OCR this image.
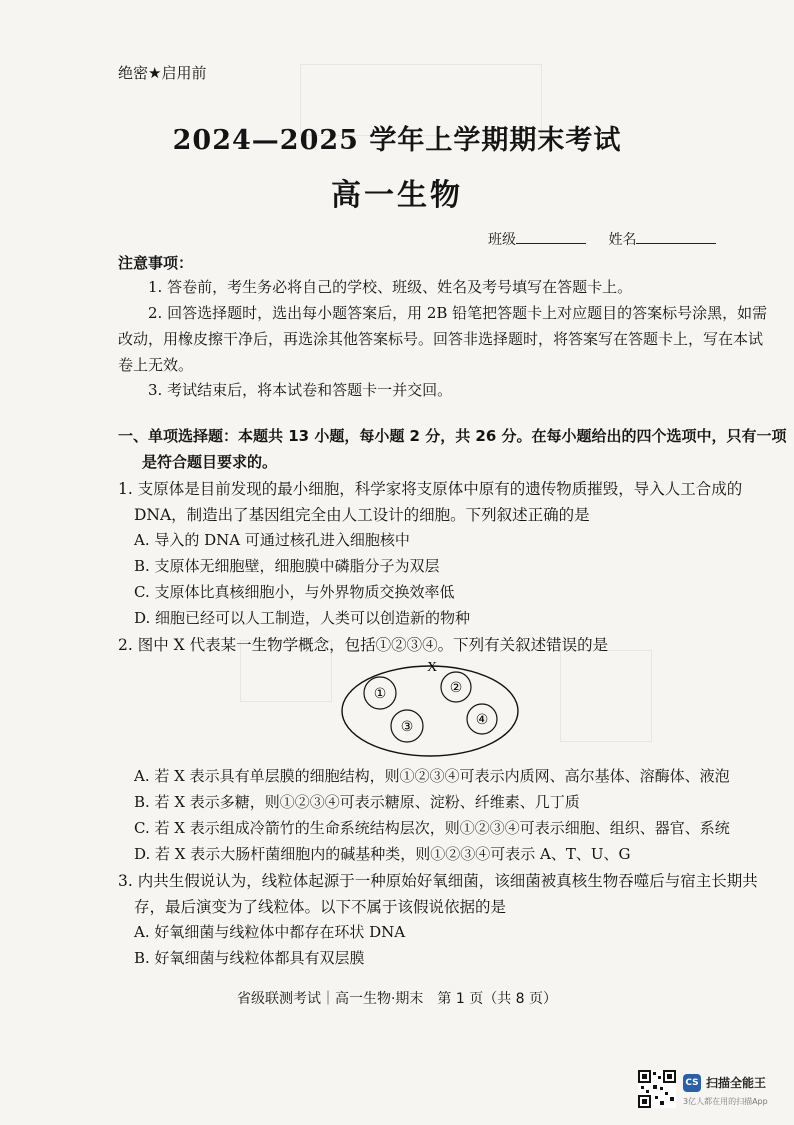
绝密★启用前
2024—2025 学年上学期期末考试
高一生物
班级	姓名
注意事项：
1. 答卷前，考生务必将自己的学校、班级、姓名及考号填写在答题卡上。
2. 回答选择题时，选出每小题答案后，用 2B 铅笔把答题卡上对应题目的答案标号涂黑，如需
改动，用橡皮擦干净后，再选涂其他答案标号。回答非选择题时，将答案写在答题卡上，写在本试
卷上无效。
3. 考试结束后，将本试卷和答题卡一并交回。
一、单项选择题：本题共 13 小题，每小题 2 分，共 26 分。在每小题给出的四个选项中，只有一项
是符合题目要求的。
1. 支原体是目前发现的最小细胞，科学家将支原体中原有的遗传物质摧毁，导入人工合成的
DNA，制造出了基因组完全由人工设计的细胞。下列叙述正确的是
A. 导入的 DNA 可通过核孔进入细胞核中
B. 支原体无细胞壁，细胞膜中磷脂分子为双层
C. 支原体比真核细胞小，与外界物质交换效率低
D. 细胞已经可以人工制造，人类可以创造新的物种
2. 图中 X 代表某一生物学概念，包括①②③④。下列有关叙述错误的是
X
①	②
③	④
A. 若 X 表示具有单层膜的细胞结构，则①②③④可表示内质网、高尔基体、溶酶体、液泡
B. 若 X 表示多糖，则①②③④可表示糖原、淀粉、纤维素、几丁质
C. 若 X 表示组成冷箭竹的生命系统结构层次，则①②③④可表示细胞、组织、器官、系统
D. 若 X 表示大肠杆菌细胞内的碱基种类，则①②③④可表示 A、T、U、G
3. 内共生假说认为，线粒体起源于一种原始好氧细菌，该细菌被真核生物吞噬后与宿主长期共
存，最后演变为了线粒体。以下不属于该假说依据的是
A. 好氧细菌与线粒体中都存在环状 DNA
B. 好氧细菌与线粒体都具有双层膜
省级联测考试｜高一生物·期末　第 1 页（共 8 页）
CS 扫描全能王
3亿人都在用的扫描App
